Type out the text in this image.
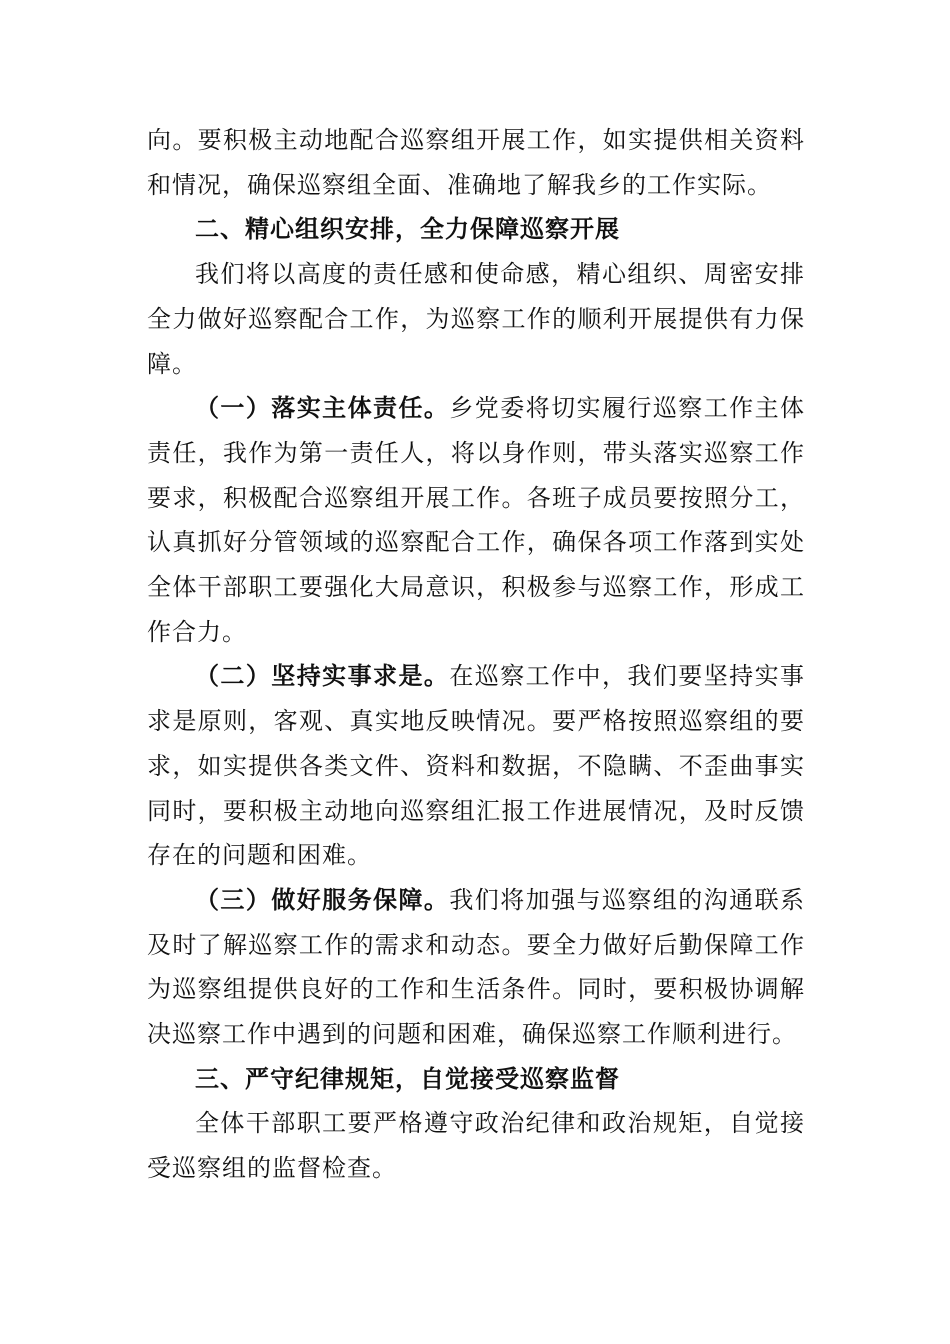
向。要积极主动地配合巡察组开展工作，如实提供相关资料
和情况，确保巡察组全面、准确地了解我乡的工作实际。
二、精心组织安排，全力保障巡察开展
我们将以高度的责任感和使命感，精心组织、周密安排
全力做好巡察配合工作，为巡察工作的顺利开展提供有力保
障。
（一）落实主体责任。乡党委将切实履行巡察工作主体
责任，我作为第一责任人，将以身作则，带头落实巡察工作
要求，积极配合巡察组开展工作。各班子成员要按照分工，
认真抓好分管领域的巡察配合工作，确保各项工作落到实处
全体干部职工要强化大局意识，积极参与巡察工作，形成工
作合力。
（二）坚持实事求是。在巡察工作中，我们要坚持实事
求是原则，客观、真实地反映情况。要严格按照巡察组的要
求，如实提供各类文件、资料和数据，不隐瞒、不歪曲事实
同时，要积极主动地向巡察组汇报工作进展情况，及时反馈
存在的问题和困难。
（三）做好服务保障。我们将加强与巡察组的沟通联系
及时了解巡察工作的需求和动态。要全力做好后勤保障工作
为巡察组提供良好的工作和生活条件。同时，要积极协调解
决巡察工作中遇到的问题和困难，确保巡察工作顺利进行。
三、严守纪律规矩，自觉接受巡察监督
全体干部职工要严格遵守政治纪律和政治规矩，自觉接
受巡察组的监督检查。
